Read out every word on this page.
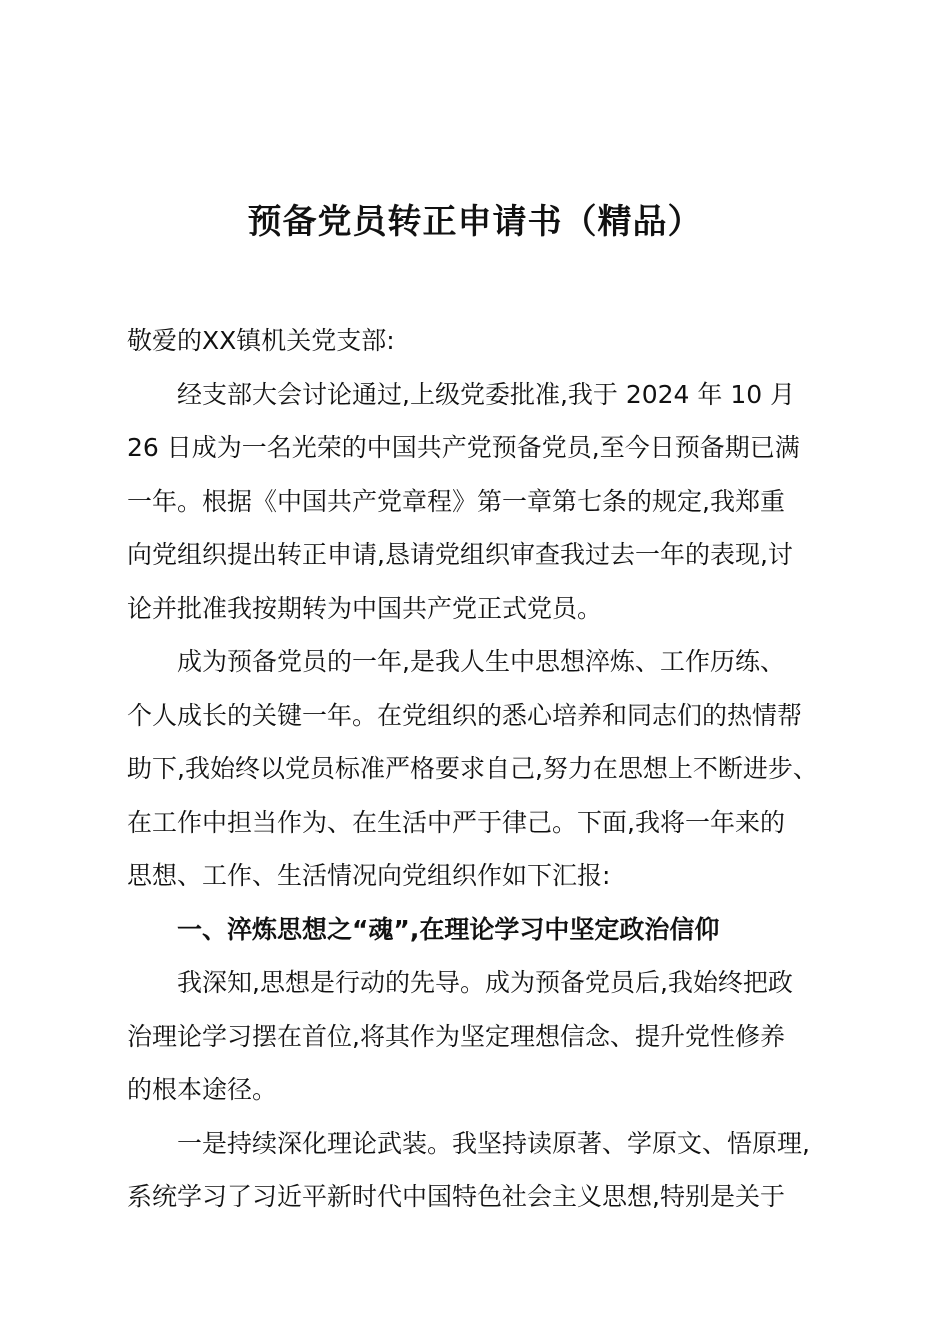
预备党员转正申请书（精品）

敬爱的XX镇机关党支部:

经支部大会讨论通过,上级党委批准,我于 2024 年 10 月
26 日成为一名光荣的中国共产党预备党员,至今日预备期已满
一年。根据《中国共产党章程》第一章第七条的规定,我郑重
向党组织提出转正申请,恳请党组织审查我过去一年的表现,讨
论并批准我按期转为中国共产党正式党员。

成为预备党员的一年,是我人生中思想淬炼、工作历练、
个人成长的关键一年。在党组织的悉心培养和同志们的热情帮
助下,我始终以党员标准严格要求自己,努力在思想上不断进步、
在工作中担当作为、在生活中严于律己。下面,我将一年来的
思想、工作、生活情况向党组织作如下汇报:

一、淬炼思想之“魂”,在理论学习中坚定政治信仰

我深知,思想是行动的先导。成为预备党员后,我始终把政
治理论学习摆在首位,将其作为坚定理想信念、提升党性修养
的根本途径。

一是持续深化理论武装。我坚持读原著、学原文、悟原理,
系统学习了习近平新时代中国特色社会主义思想,特别是关于
